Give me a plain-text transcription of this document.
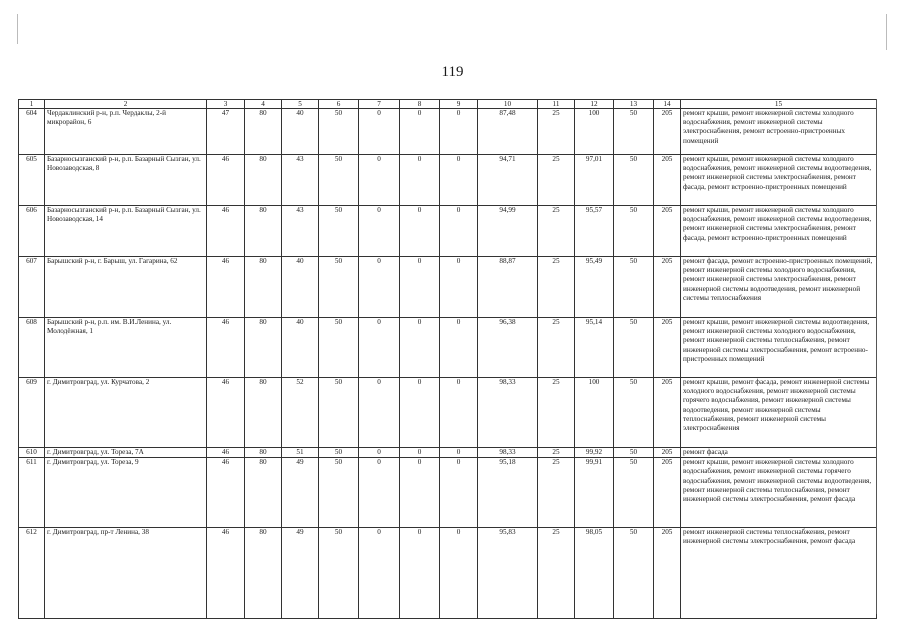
119
1	2	3	4	5	6	7	8	9	10	11	12	13	14	15
604	Чердаклинский р-н, р.п. Чердаклы, 2-й микрорайон, 6	47	80	40	50	0	0	0	87,48	25	100	50	205	ремонт крыши, ремонт инженерной системы холодного водоснабжения, ремонт инженерной системы электроснабжения, ремонт встроенно-пристроенных помещений
605	Базарносызганский р-н, р.п. Базарный Сызган, ул. Новозаводская, 8	46	80	43	50	0	0	0	94,71	25	97,01	50	205	ремонт крыши, ремонт инженерной системы холодного водоснабжения, ремонт инженерной системы водоотведения, ремонт инженерной системы электроснабжения, ремонт фасада, ремонт встроенно-пристроенных помещений
606	Базарносызганский р-н, р.п. Базарный Сызган, ул. Новозаводская, 14	46	80	43	50	0	0	0	94,99	25	95,57	50	205	ремонт крыши, ремонт инженерной системы холодного водоснабжения, ремонт инженерной системы водоотведения, ремонт инженерной системы электроснабжения, ремонт фасада, ремонт встроенно-пристроенных помещений
607	Барышский р-н, г. Барыш, ул. Гагарина, 62	46	80	40	50	0	0	0	88,87	25	95,49	50	205	ремонт фасада, ремонт встроенно-пристроенных помещений, ремонт инженерной системы холодного водоснабжения, ремонт инженерной системы электроснабжения, ремонт инженерной системы водоотведения, ремонт инженерной системы теплоснабжения
608	Барышский р-н, р.п. им. В.И.Ленина, ул. Молодёжная, 1	46	80	40	50	0	0	0	96,38	25	95,14	50	205	ремонт крыши, ремонт инженерной системы водоотведения, ремонт инженерной системы холодного водоснабжения, ремонт инженерной системы теплоснабжения, ремонт инженерной системы электроснабжения, ремонт встроенно-пристроенных помещений
609	г. Димитровград, ул. Курчатова, 2	46	80	52	50	0	0	0	98,33	25	100	50	205	ремонт крыши, ремонт фасада, ремонт инженерной системы холодного водоснабжения, ремонт инженерной системы горячего водоснабжения, ремонт инженерной системы водоотведения, ремонт инженерной системы теплоснабжения, ремонт инженерной системы электроснабжения
610	г. Димитровград, ул. Тореза, 7А	46	80	51	50	0	0	0	98,33	25	99,92	50	205	ремонт фасада
611	г. Димитровград, ул. Тореза, 9	46	80	49	50	0	0	0	95,18	25	99,91	50	205	ремонт крыши, ремонт инженерной системы холодного водоснабжения, ремонт инженерной системы горячего водоснабжения, ремонт инженерной системы водоотведения, ремонт инженерной системы теплоснабжения, ремонт инженерной системы электроснабжения, ремонт фасада
612	г. Димитровград, пр-т Ленина, 38	46	80	49	50	0	0	0	95,83	25	98,05	50	205	ремонт инженерной системы теплоснабжения, ремонт инженерной системы электроснабжения, ремонт фасада
